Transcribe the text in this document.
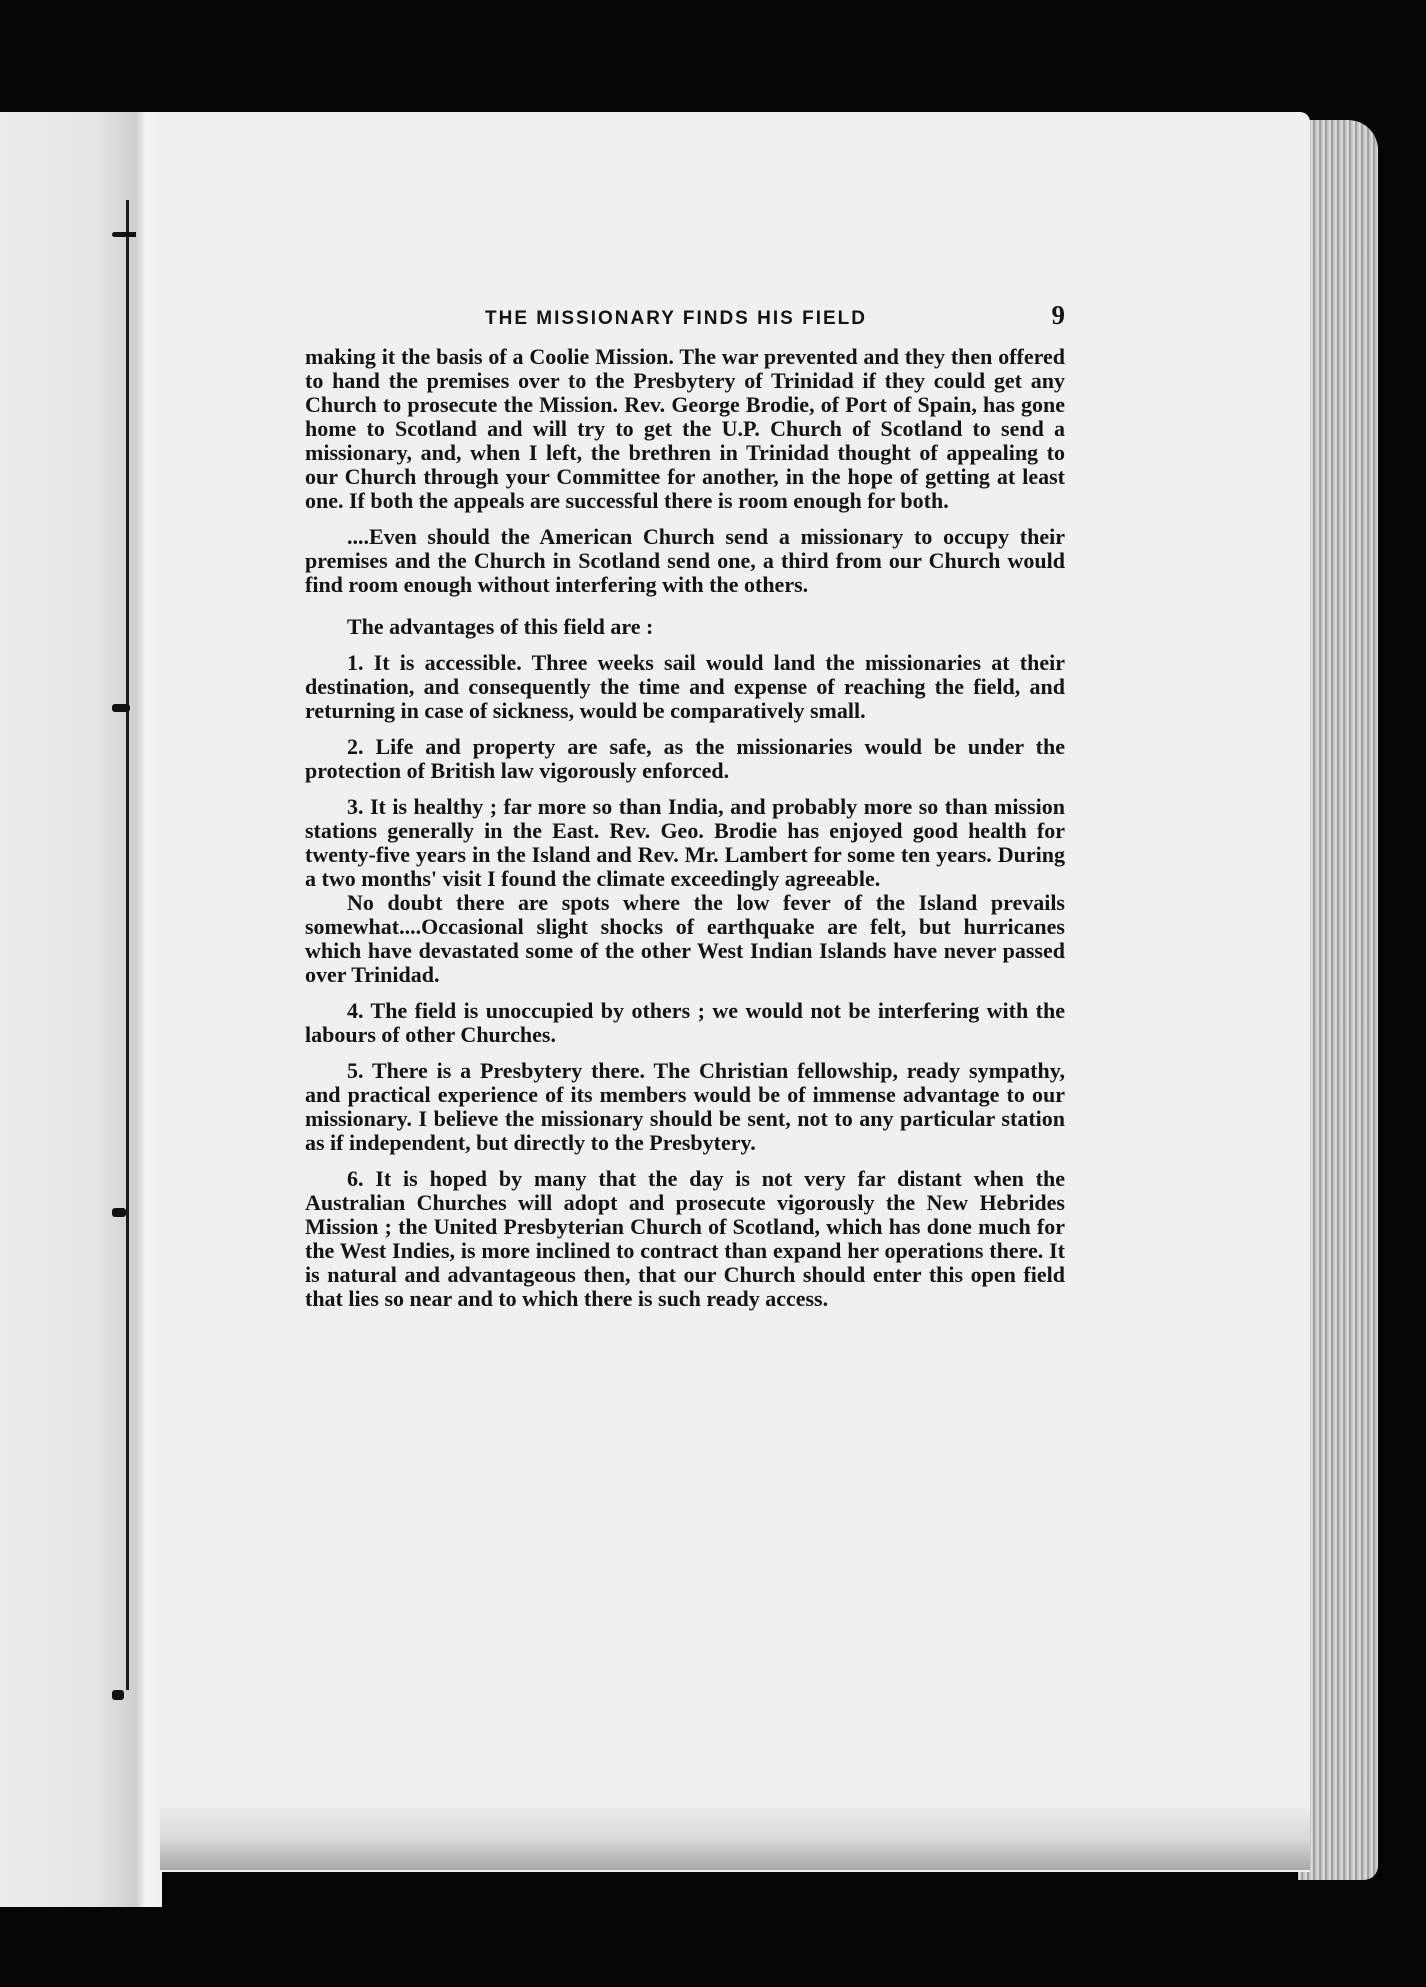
THE MISSIONARY FINDS HIS FIELD	9

making it the basis of a Coolie Mission. The war prevented and they then offered to hand the premises over to the Presbytery of Trinidad if they could get any Church to prosecute the Mission. Rev. George Brodie, of Port of Spain, has gone home to Scotland and will try to get the U.P. Church of Scotland to send a missionary, and, when I left, the brethren in Trinidad thought of appealing to our Church through your Committee for another, in the hope of getting at least one. If both the appeals are successful there is room enough for both.

....Even should the American Church send a missionary to occupy their premises and the Church in Scotland send one, a third from our Church would find room enough without interfering with the others.

The advantages of this field are :

1. It is accessible. Three weeks sail would land the missionaries at their destination, and consequently the time and expense of reaching the field, and returning in case of sickness, would be comparatively small.

2. Life and property are safe, as the missionaries would be under the protection of British law vigorously enforced.

3. It is healthy ; far more so than India, and probably more so than mission stations generally in the East. Rev. Geo. Brodie has enjoyed good health for twenty-five years in the Island and Rev. Mr. Lambert for some ten years. During a two months' visit I found the climate exceedingly agreeable.

No doubt there are spots where the low fever of the Island prevails somewhat....Occasional slight shocks of earthquake are felt, but hurricanes which have devastated some of the other West Indian Islands have never passed over Trinidad.

4. The field is unoccupied by others ; we would not be interfering with the labours of other Churches.

5. There is a Presbytery there. The Christian fellowship, ready sympathy, and practical experience of its members would be of immense advantage to our missionary. I believe the missionary should be sent, not to any particular station as if independent, but directly to the Presbytery.

6. It is hoped by many that the day is not very far distant when the Australian Churches will adopt and prosecute vigorously the New Hebrides Mission ; the United Presbyterian Church of Scotland, which has done much for the West Indies, is more inclined to contract than expand her operations there. It is natural and advantageous then, that our Church should enter this open field that lies so near and to which there is such ready access.
